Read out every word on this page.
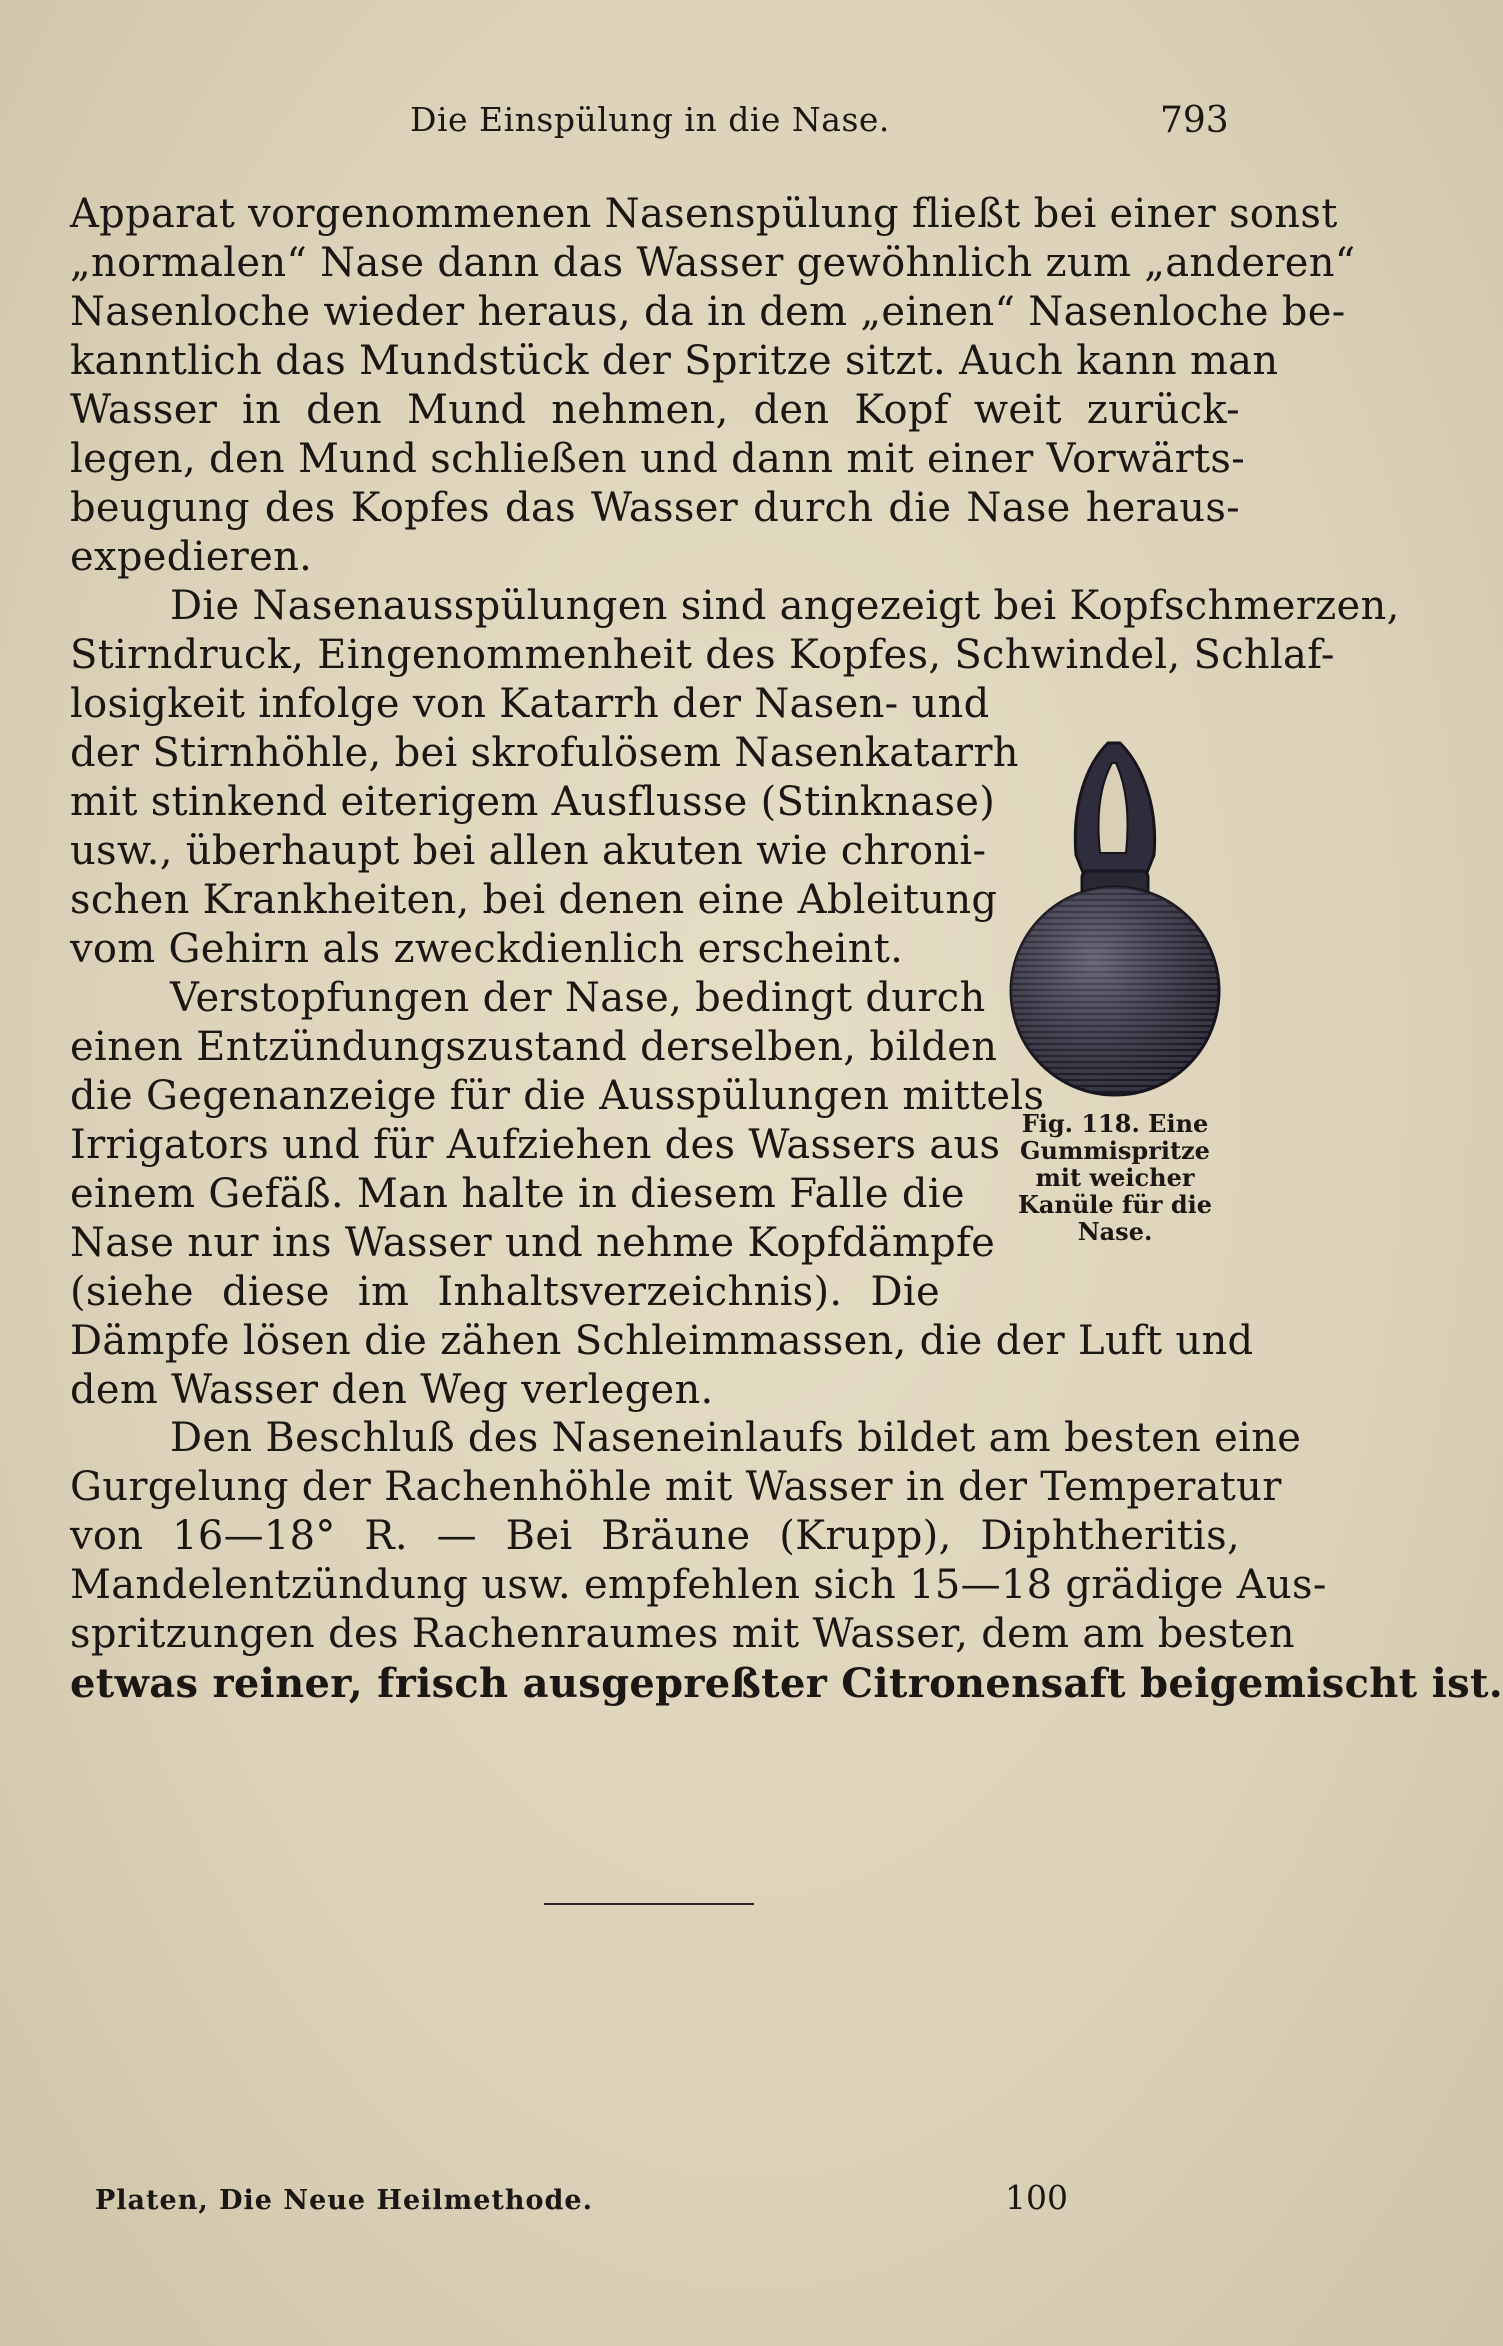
Die Einspülung in die Nase.	793
Apparat vorgenommenen Nasenspülung fließt bei einer sonst
„normalen“ Nase dann das Wasser gewöhnlich zum „anderen“
Nasenloche wieder heraus, da in dem „einen“ Nasenloche be-
kanntlich das Mundstück der Spritze sitzt. Auch kann man
Wasser in den Mund nehmen, den Kopf weit zurück-
legen, den Mund schließen und dann mit einer Vorwärts-
beugung des Kopfes das Wasser durch die Nase heraus-
expedieren.
Die Nasenausspülungen sind angezeigt bei Kopfschmerzen,
Stirndruck, Eingenommenheit des Kopfes, Schwindel, Schlaf-
losigkeit infolge von Katarrh der Nasen- und
der Stirnhöhle, bei skrofulösem Nasenkatarrh
mit stinkend eiterigem Ausflusse (Stinknase)
usw., überhaupt bei allen akuten wie chroni-
schen Krankheiten, bei denen eine Ableitung
vom Gehirn als zweckdienlich erscheint.
Verstopfungen der Nase, bedingt durch
einen Entzündungszustand derselben, bilden
die Gegenanzeige für die Ausspülungen mittels
Irrigators und für Aufziehen des Wassers aus
einem Gefäß. Man halte in diesem Falle die
Nase nur ins Wasser und nehme Kopfdämpfe
(siehe diese im Inhaltsverzeichnis). Die
Dämpfe lösen die zähen Schleimmassen, die der Luft und
dem Wasser den Weg verlegen.
Den Beschluß des Naseneinlaufs bildet am besten eine
Gurgelung der Rachenhöhle mit Wasser in der Temperatur
von 16—18° R. — Bei Bräune (Krupp), Diphtheritis,
Mandelentzündung usw. empfehlen sich 15—18 grädige Aus-
spritzungen des Rachenraumes mit Wasser, dem am besten
etwas reiner, frisch ausgepreßter Citronensaft beigemischt ist.
Fig. 118. Eine
Gummispritze
mit weicher
Kanüle für die
Nase.
Platen, Die Neue Heilmethode.	100
